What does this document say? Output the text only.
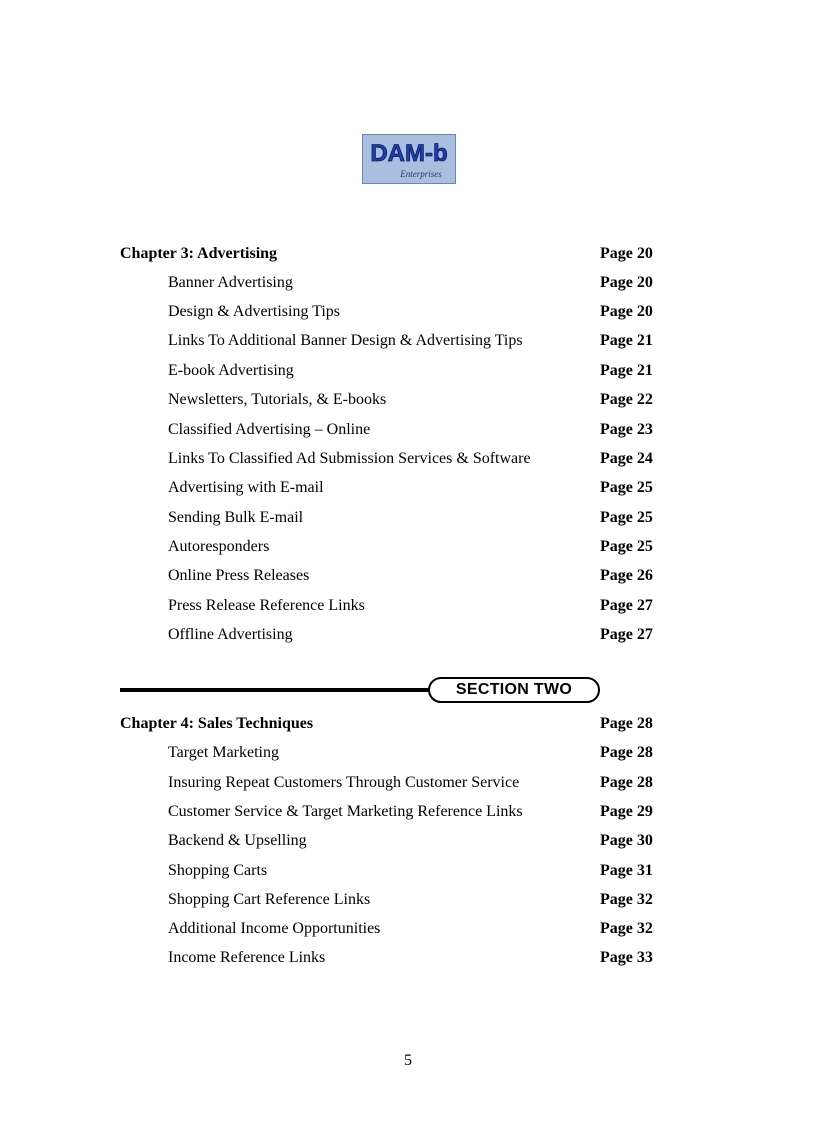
DAM-b
Enterprises
Chapter 3: Advertising	Page 20
Banner Advertising	Page 20
Design & Advertising Tips	Page 20
Links To Additional Banner Design & Advertising Tips	Page 21
E-book Advertising	Page 21
Newsletters, Tutorials, & E-books	Page 22
Classified Advertising – Online	Page 23
Links To Classified Ad Submission Services & Software	Page 24
Advertising with E-mail	Page 25
Sending Bulk E-mail	Page 25
Autoresponders	Page 25
Online Press Releases	Page 26
Press Release Reference Links	Page 27
Offline Advertising	Page 27
SECTION TWO
Chapter 4: Sales Techniques	Page 28
Target Marketing	Page 28
Insuring Repeat Customers Through Customer Service	Page 28
Customer Service & Target Marketing Reference Links	Page 29
Backend & Upselling	Page 30
Shopping Carts	Page 31
Shopping Cart Reference Links	Page 32
Additional Income Opportunities	Page 32
Income Reference Links	Page 33
5
